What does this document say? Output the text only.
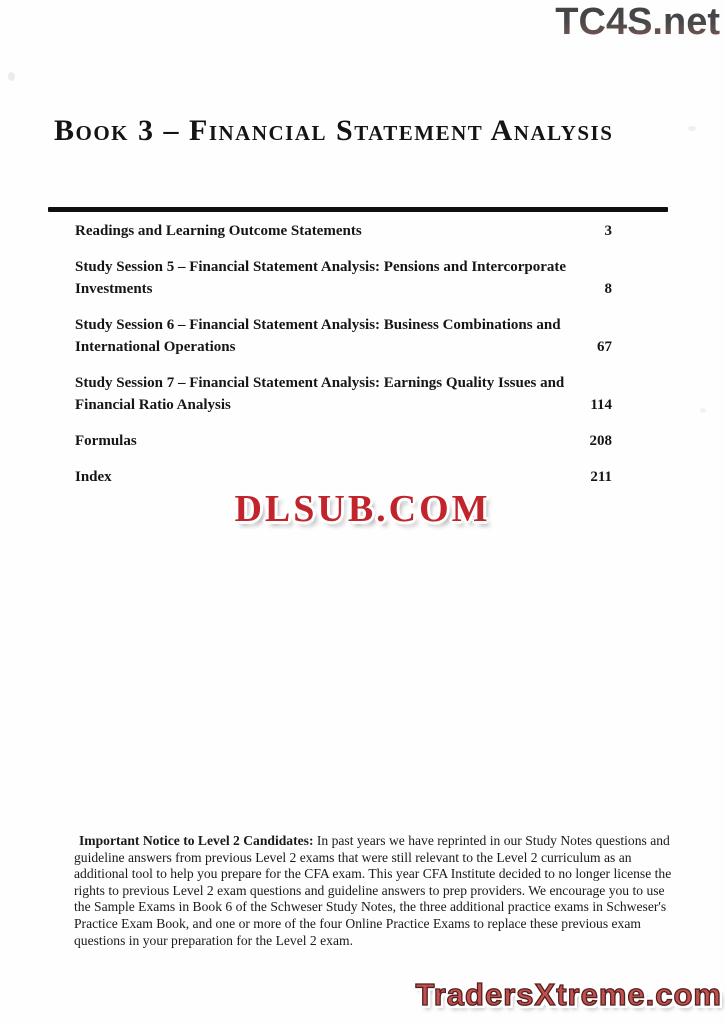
TC4S.net
Book 3 – Financial Statement Analysis
Readings and Learning Outcome Statements	3
Study Session 5 – Financial Statement Analysis: Pensions and Intercorporate Investments	8
Study Session 6 – Financial Statement Analysis: Business Combinations and International Operations	67
Study Session 7 – Financial Statement Analysis: Earnings Quality Issues and Financial Ratio Analysis	114
Formulas	208
Index	211
DLSUB.COM

Important Notice to Level 2 Candidates: In past years we have reprinted in our Study Notes questions and guideline answers from previous Level 2 exams that were still relevant to the Level 2 curriculum as an additional tool to help you prepare for the CFA exam. This year CFA Institute decided to no longer license the rights to previous Level 2 exam questions and guideline answers to prep providers. We encourage you to use the Sample Exams in Book 6 of the Schweser Study Notes, the three additional practice exams in Schweser's Practice Exam Book, and one or more of the four Online Practice Exams to replace these previous exam questions in your preparation for the Level 2 exam.

TradersXtreme.com
